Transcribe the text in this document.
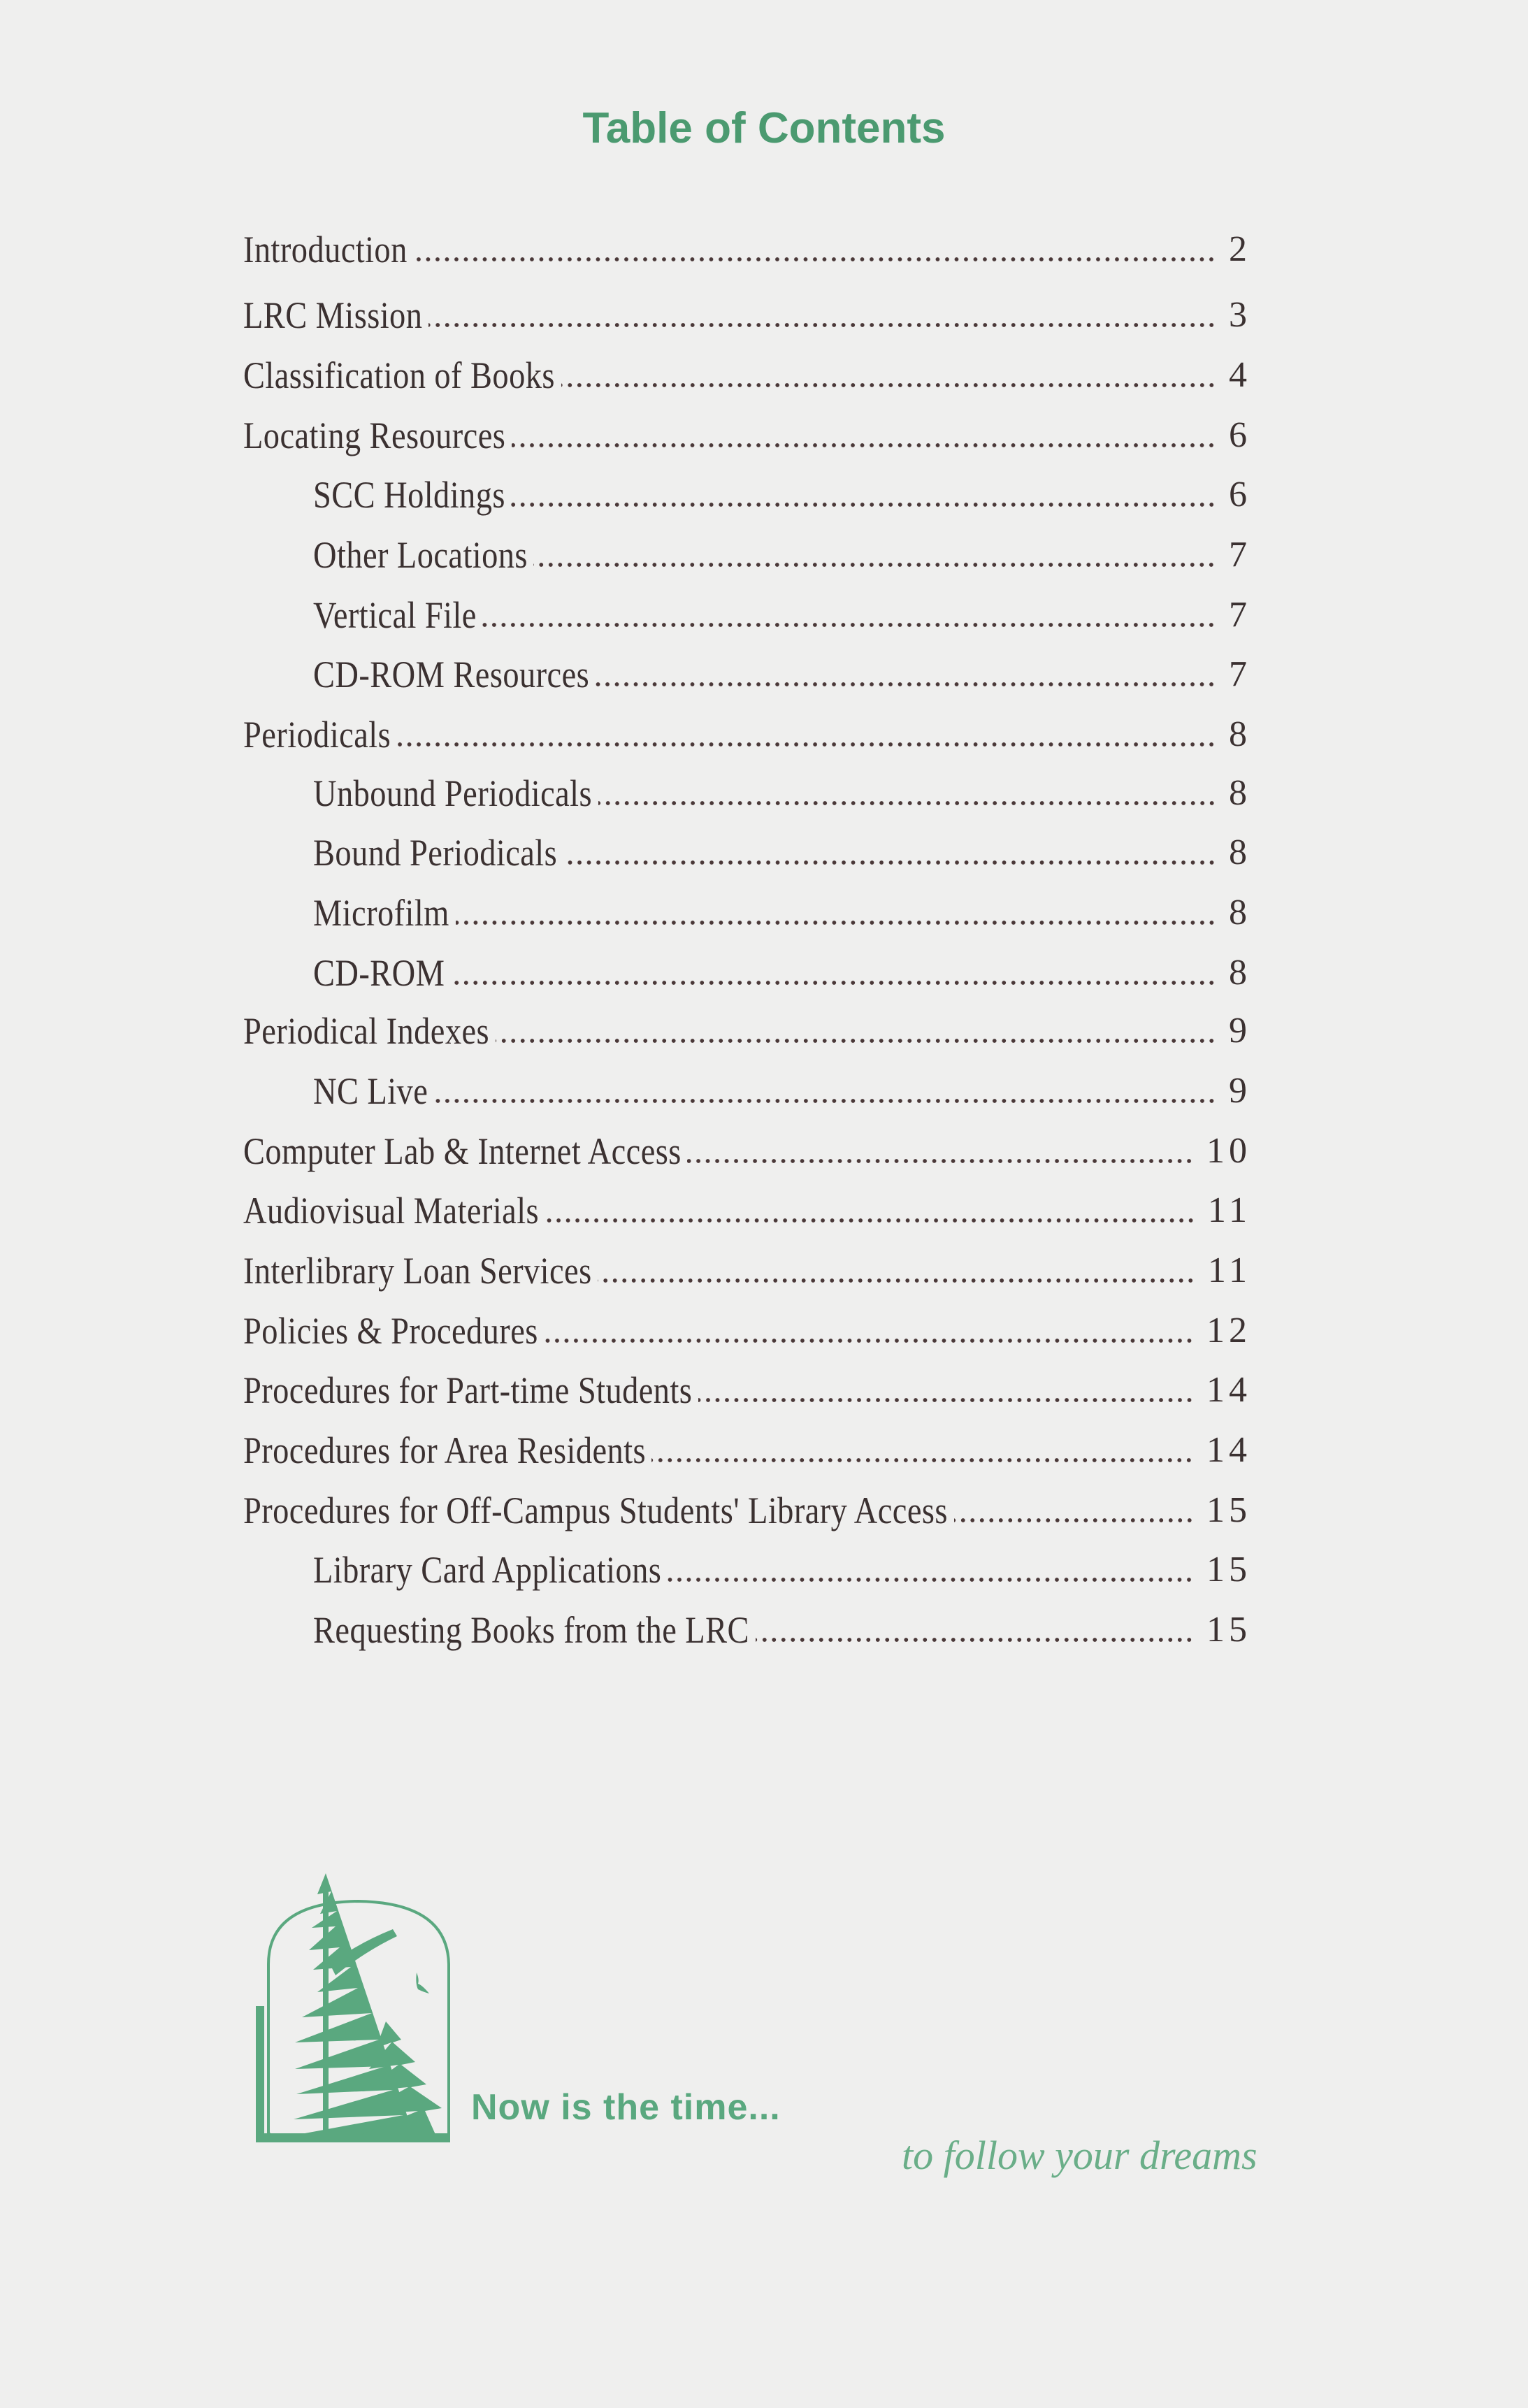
Table of Contents
Introduction	2
LRC Mission	3
Classification of Books	4
Locating Resources	6
SCC Holdings	6
Other Locations	7
Vertical File	7
CD-ROM Resources	7
Periodicals	8
Unbound Periodicals	8
Bound Periodicals	8
Microfilm	8
CD-ROM	8
Periodical Indexes	9
NC Live	9
Computer Lab & Internet Access	10
Audiovisual Materials	11
Interlibrary Loan Services	11
Policies & Procedures	12
Procedures for Part-time Students	14
Procedures for Area Residents	14
Procedures for Off-Campus Students' Library Access	15
Library Card Applications	15
Requesting Books from the LRC	15
Now is the time...
to follow your dreams
